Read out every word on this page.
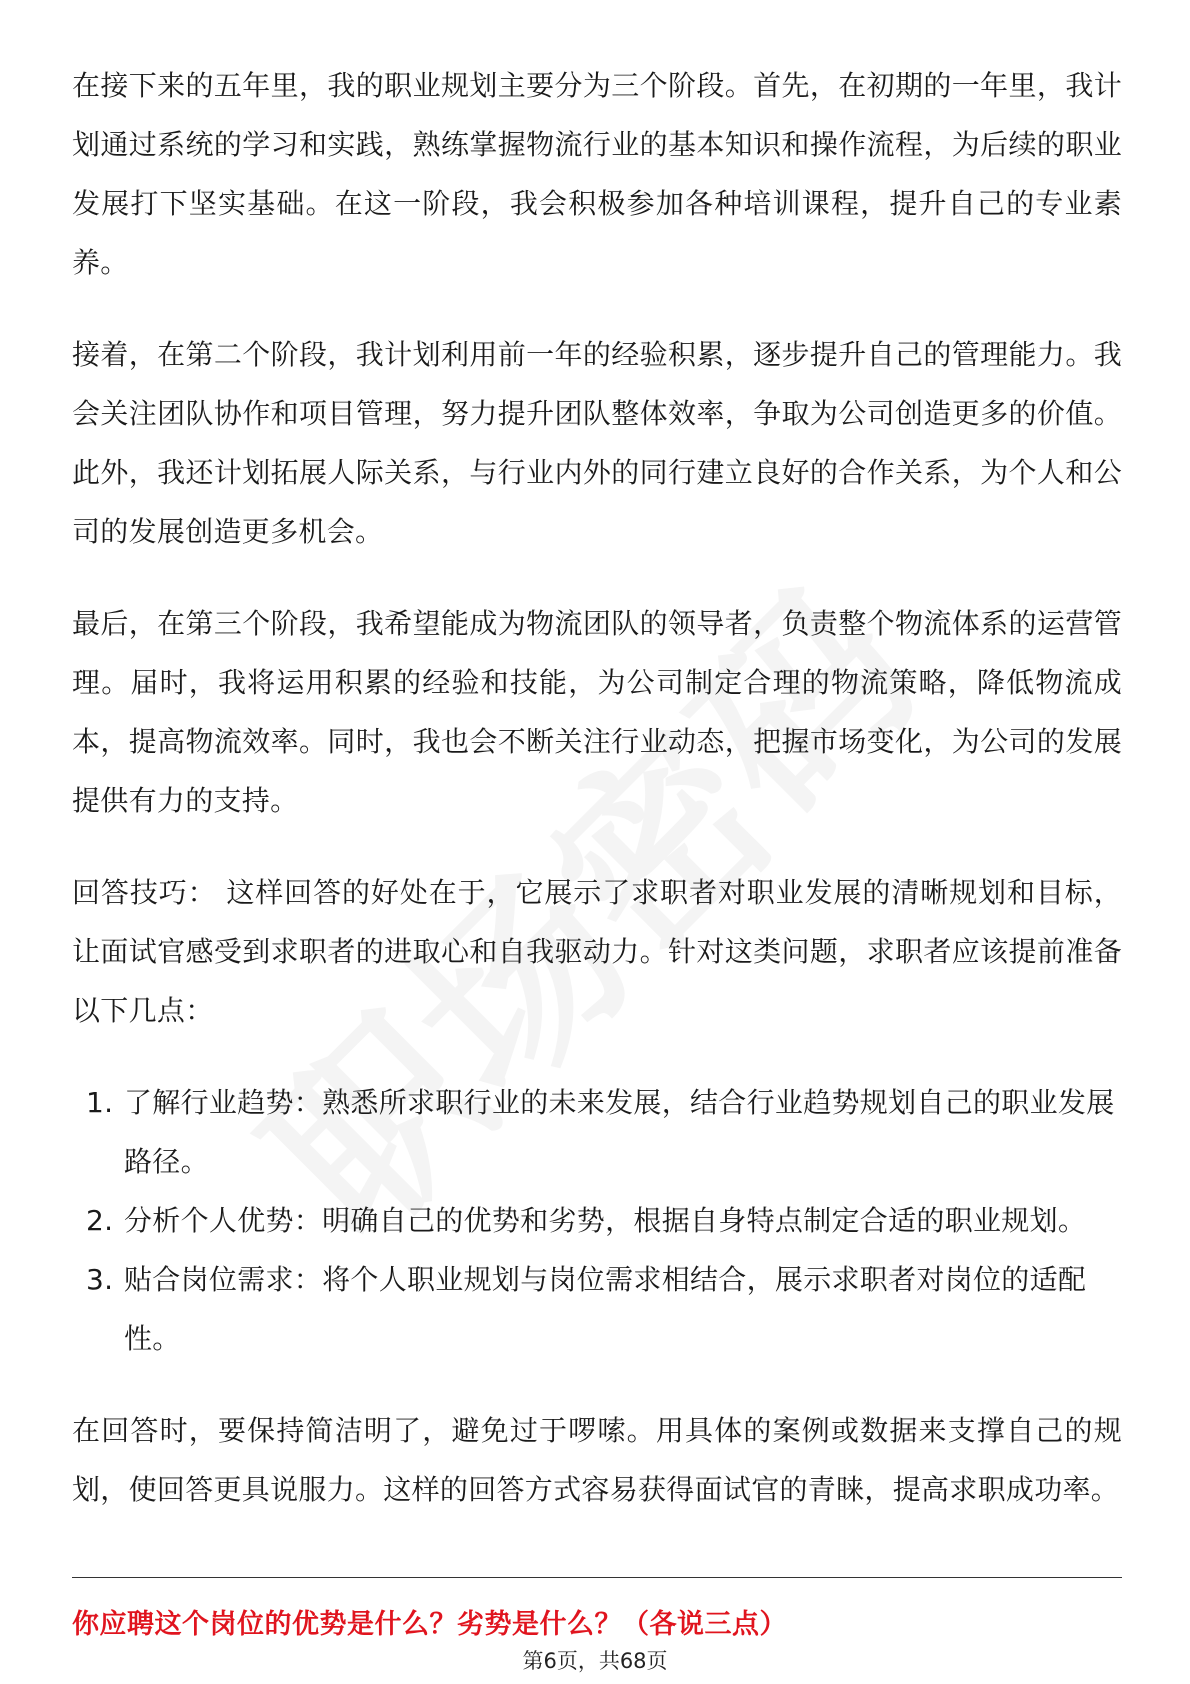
在接下来的五年里，我的职业规划主要分为三个阶段。首先，在初期的一年里，我计划通过系统的学习和实践，熟练掌握物流行业的基本知识和操作流程，为后续的职业发展打下坚实基础。在这一阶段，我会积极参加各种培训课程，提升自己的专业素养。

接着，在第二个阶段，我计划利用前一年的经验积累，逐步提升自己的管理能力。我会关注团队协作和项目管理，努力提升团队整体效率，争取为公司创造更多的价值。此外，我还计划拓展人际关系，与行业内外的同行建立良好的合作关系，为个人和公司的发展创造更多机会。

最后，在第三个阶段，我希望能成为物流团队的领导者，负责整个物流体系的运营管理。届时，我将运用积累的经验和技能，为公司制定合理的物流策略，降低物流成本，提高物流效率。同时，我也会不断关注行业动态，把握市场变化，为公司的发展提供有力的支持。

回答技巧： 这样回答的好处在于，它展示了求职者对职业发展的清晰规划和目标，让面试官感受到求职者的进取心和自我驱动力。针对这类问题，求职者应该提前准备以下几点：

1. 了解行业趋势：熟悉所求职行业的未来发展，结合行业趋势规划自己的职业发展路径。
2. 分析个人优势：明确自己的优势和劣势，根据自身特点制定合适的职业规划。
3. 贴合岗位需求：将个人职业规划与岗位需求相结合，展示求职者对岗位的适配性。

在回答时，要保持简洁明了，避免过于啰嗦。用具体的案例或数据来支撑自己的规划，使回答更具说服力。这样的回答方式容易获得面试官的青睐，提高求职成功率。

你应聘这个岗位的优势是什么？劣势是什么？（各说三点）
第6页，共68页
